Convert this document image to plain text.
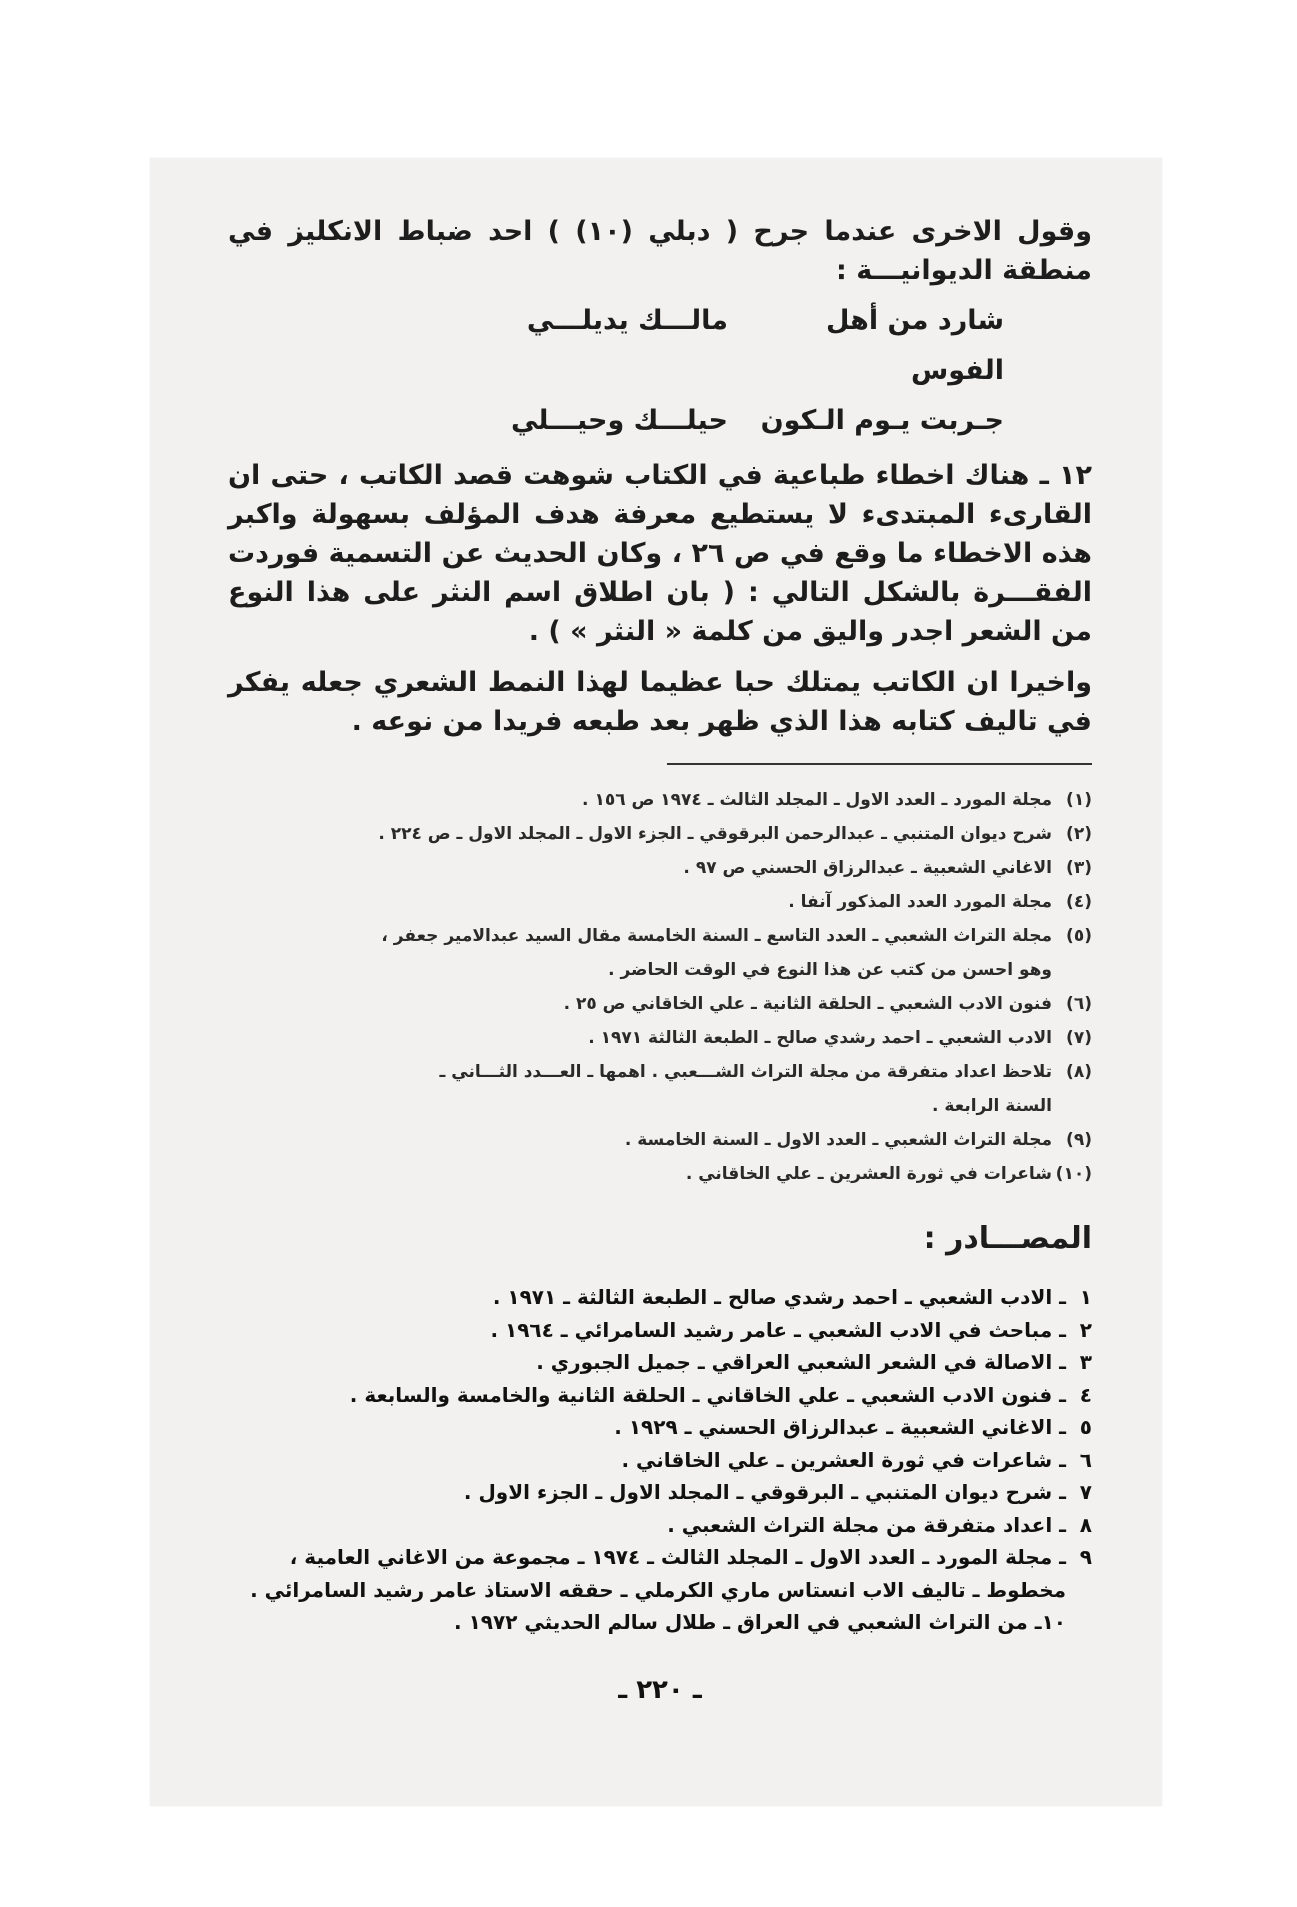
وقول الاخرى عندما جرح ( دبلي (١٠) ) احد ضباط الانكليز في منطقة الديوانيـــة :

شارد من أهل الفوس
مالـــك يديلـــي
جـربت يـوم الـكون
حيلـــك وحيـــلي

١٢ ـ هناك اخطاء طباعية في الكتاب شوهت قصد الكاتب ، حتى ان القارىء المبتدىء لا يستطيع معرفة هدف المؤلف بسهولة واكبر هذه الاخطاء ما وقع في ص ٢٦ ، وكان الحديث عن التسمية فوردت الفقـــرة بالشكل التالي : ( بان اطلاق اسم النثر على هذا النوع من الشعر اجدر واليق من كلمة « النثر » ) .

واخيرا ان الكاتب يمتلك حبا عظيما لهذا النمط الشعري جعله يفكر في تاليف كتابه هذا الذي ظهر بعد طبعه فريدا من نوعه .

(١)
مجلة المورد ـ العدد الاول ـ المجلد الثالث ـ ١٩٧٤ ص ١٥٦ .
(٢)
شرح ديوان المتنبي ـ عبدالرحمن البرقوقي ـ الجزء الاول ـ المجلد الاول ـ ص ٢٢٤ .
(٣)
الاغاني الشعبية ـ عبدالرزاق الحسني ص ٩٧ .
(٤)
مجلة المورد العدد المذكور آنفا .
(٥)
مجلة التراث الشعبي ـ العدد التاسع ـ السنة الخامسة مقال السيد عبدالامير جعفر ،
وهو احسن من كتب عن هذا النوع في الوقت الحاضر .
(٦)
فنون الادب الشعبي ـ الحلقة الثانية ـ علي الخاقاني ص ٢٥ .
(٧)
الادب الشعبي ـ احمد رشدي صالح ـ الطبعة الثالثة ١٩٧١ .
(٨)
تلاحظ اعداد متفرقة من مجلة التراث الشـــعبي . اهمها ـ العـــدد الثـــاني ـ
السنة الرابعة .
(٩)
مجلة التراث الشعبي ـ العدد الاول ـ السنة الخامسة .
(١٠)
شاعرات في ثورة العشرين ـ علي الخاقاني .
المصـــادر :
١
ـ الادب الشعبي ـ احمد رشدي صالح ـ الطبعة الثالثة ـ ١٩٧١ .
٢
ـ مباحث في الادب الشعبي ـ عامر رشيد السامرائي ـ ١٩٦٤ .
٣
ـ الاصالة في الشعر الشعبي العراقي ـ جميل الجبوري .
٤
ـ فنون الادب الشعبي ـ علي الخاقاني ـ الحلقة الثانية والخامسة والسابعة .
٥
ـ الاغاني الشعبية ـ عبدالرزاق الحسني ـ ١٩٢٩ .
٦
ـ شاعرات في ثورة العشرين ـ علي الخاقاني .
٧
ـ شرح ديوان المتنبي ـ البرقوقي ـ المجلد الاول ـ الجزء الاول .
٨
ـ اعداد متفرقة من مجلة التراث الشعبي .
٩
ـ مجلة المورد ـ العدد الاول ـ المجلد الثالث ـ ١٩٧٤ ـ مجموعة من الاغاني العامية ،
مخطوط ـ تاليف الاب انستاس ماري الكرملي ـ حققه الاستاذ عامر رشيد السامرائي .
١٠ـ من التراث الشعبي في العراق ـ طلال سالم الحديثي ١٩٧٢ .
ـ ٢٢٠ ـ
